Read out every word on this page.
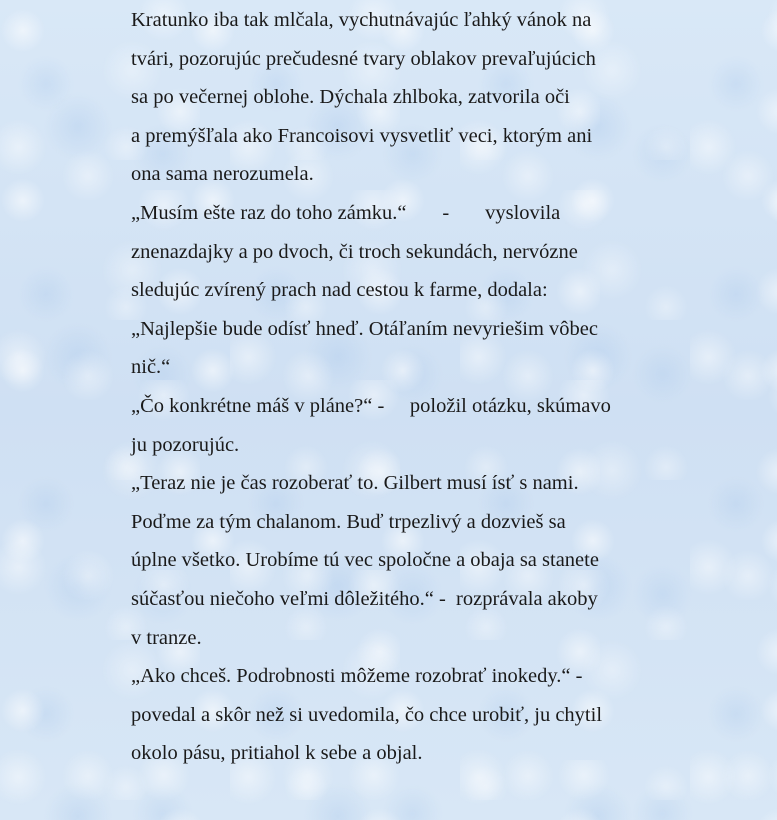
Kratunko iba tak mlčala, vychutnávajúc ľahký vánok na

tvári, pozorujúc prečudesné tvary oblakov prevaľujúcich

sa po večernej oblohe. Dýchala zhlboka, zatvorila oči

a premýšľala ako Francoisovi vysvetliť veci, ktorým ani

ona sama nerozumela.

„Musím ešte raz do toho zámku.“       -       vyslovila

znenazdajky a po dvoch, či troch sekundách, nervózne

sledujúc zvírený prach nad cestou k farme, dodala:

„Najlepšie bude odísť hneď. Otáľaním nevyriešim vôbec

nič.“

„Čo konkrétne máš v pláne?“ -     položil otázku, skúmavo

ju pozorujúc.

„Teraz nie je čas rozoberať to. Gilbert musí ísť s nami.

Poďme za tým chalanom. Buď trpezlivý a dozvieš sa

úplne všetko. Urobíme tú vec spoločne a obaja sa stanete

súčasťou niečoho veľmi dôležitého.“ -  rozprávala akoby

v tranze.

„Ako chceš. Podrobnosti môžeme rozobrať inokedy.“ -

povedal a skôr než si uvedomila, čo chce urobiť, ju chytil

okolo pásu, pritiahol k sebe a objal.
